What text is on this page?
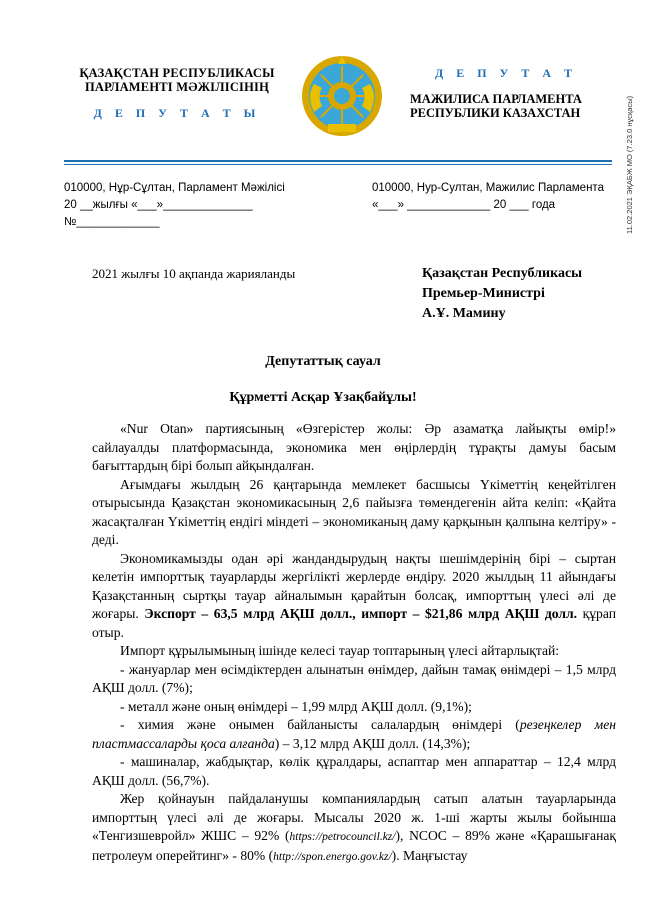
ҚАЗАҚСТАН РЕСПУБЛИКАСЫ
ПАРЛАМЕНТІ МӘЖІЛІСІНІҢ
Д Е П У Т А Т Ы
Д Е П У Т А Т
МАЖИЛИСА ПАРЛАМЕНТА
РЕСПУБЛИКИ КАЗАХСТАН	11.02.2021 ЭҚАБЖ МО (7.23.0 нұсқасы)
010000, Нұр-Сұлтан, Парламент Мәжілісі
20 __жылғы «___»______________
№_____________
010000, Нур-Султан, Мажилис Парламента
«___» _____________ 20 ___ года
2021 жылғы 10 ақпанда жарияланды	Қазақстан Республикасы
Премьер-Министрі
А.Ұ. Мамину
Депутаттық сауал
Құрметті Асқар Ұзақбайұлы!

«Nur Otan» партиясының «Өзгерістер жолы: Әр азаматқа лайықты өмір!» сайлауалды платформасында, экономика мен өңірлердің тұрақты дамуы басым бағыттардың бірі болып айқындалған.

Ағымдағы жылдың 26 қаңтарында мемлекет басшысы Үкіметтің кеңейтілген отырысында Қазақстан экономикасының 2,6 пайызға төмендегенін айта келіп: «Қайта жасақталған Үкіметтің ендігі міндеті – экономиканың даму қарқынын қалпына келтіру» - деді.

Экономикамызды одан әрі жандандырудың нақты шешімдерінің бірі – сыртан келетін импорттық тауарларды жергілікті жерлерде өндіру. 2020 жылдың 11 айындағы Қазақстанның сыртқы тауар айналымын қарайтын болсақ, импорттың үлесі әлі де жоғары. Экспорт – 63,5 млрд АҚШ долл., импорт – $21,86 млрд АҚШ долл. құрап отыр.

Импорт құрылымының ішінде келесі тауар топтарының үлесі айтарлықтай:

- жануарлар мен өсімдіктерден алынатын өнімдер, дайын тамақ өнімдері – 1,5 млрд АҚШ долл. (7%);

- металл және оның өнімдері – 1,99 млрд АҚШ долл. (9,1%);

- химия және онымен байланысты салалардың өнімдері (резеңкелер мен пластмассаларды қоса алғанда) – 3,12 млрд АҚШ долл. (14,3%);

- машиналар, жабдықтар, көлік құралдары, аспаптар мен аппараттар – 12,4 млрд АҚШ долл. (56,7%).

Жер қойнауын пайдаланушы компаниялардың сатып алатын тауарларында импорттың үлесі әлі де жоғары. Мысалы 2020 ж. 1-ші жарты жылы бойынша «Тенгизшевройл» ЖШС – 92% (https://petrocouncil.kz/), NCOC – 89% және «Қарашығанақ петролеум оперейтинг» - 80% (http://spon.energo.gov.kz/). Маңғыстау
